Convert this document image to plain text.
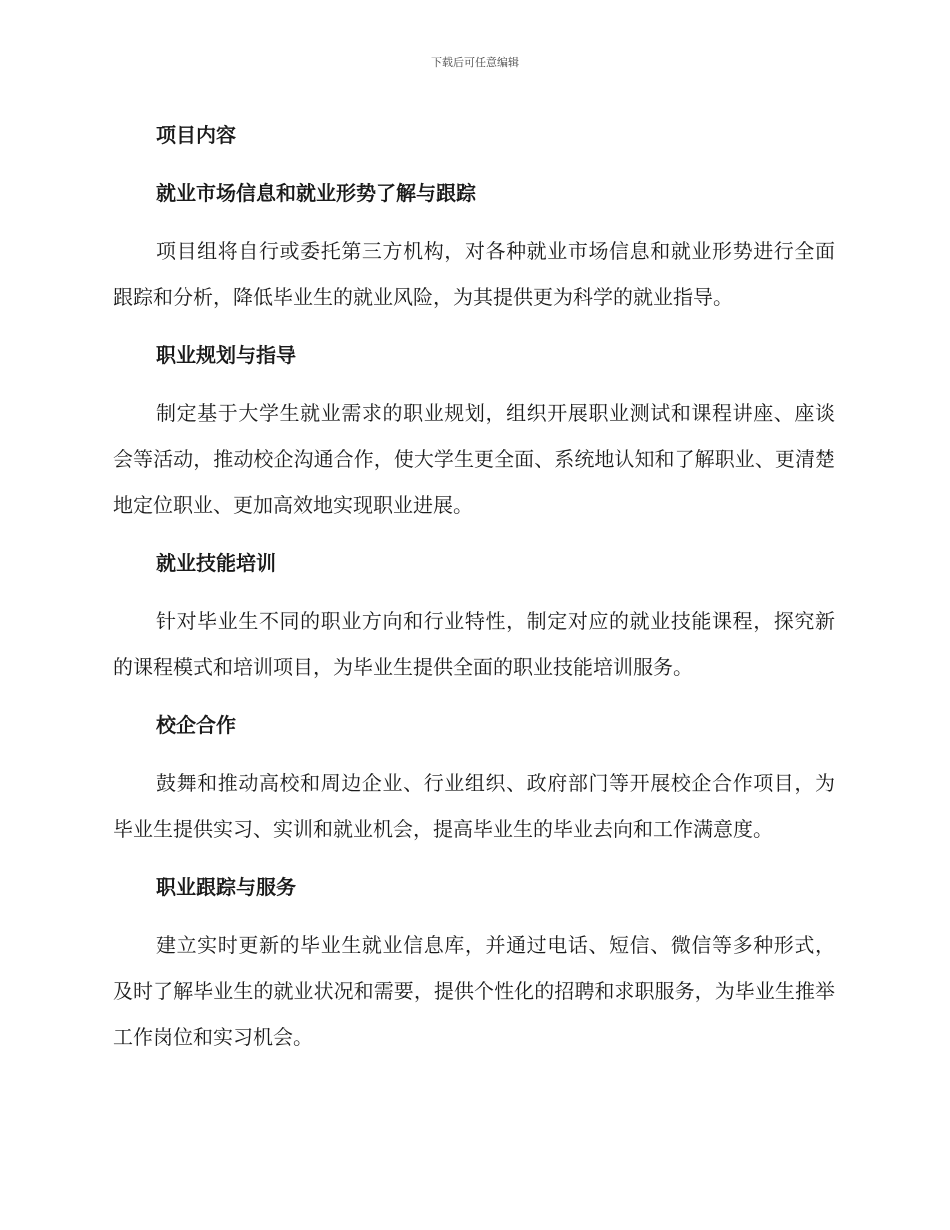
下载后可任意编辑
项目内容
就业市场信息和就业形势了解与跟踪
项目组将自行或委托第三方机构，对各种就业市场信息和就业形势进行全面跟踪和分析，降低毕业生的就业风险，为其提供更为科学的就业指导。
职业规划与指导
制定基于大学生就业需求的职业规划，组织开展职业测试和课程讲座、座谈会等活动，推动校企沟通合作，使大学生更全面、系统地认知和了解职业、更清楚地定位职业、更加高效地实现职业进展。
就业技能培训
针对毕业生不同的职业方向和行业特性，制定对应的就业技能课程，探究新的课程模式和培训项目，为毕业生提供全面的职业技能培训服务。
校企合作
鼓舞和推动高校和周边企业、行业组织、政府部门等开展校企合作项目，为毕业生提供实习、实训和就业机会，提高毕业生的毕业去向和工作满意度。
职业跟踪与服务
建立实时更新的毕业生就业信息库，并通过电话、短信、微信等多种形式，及时了解毕业生的就业状况和需要，提供个性化的招聘和求职服务，为毕业生推举工作岗位和实习机会。
